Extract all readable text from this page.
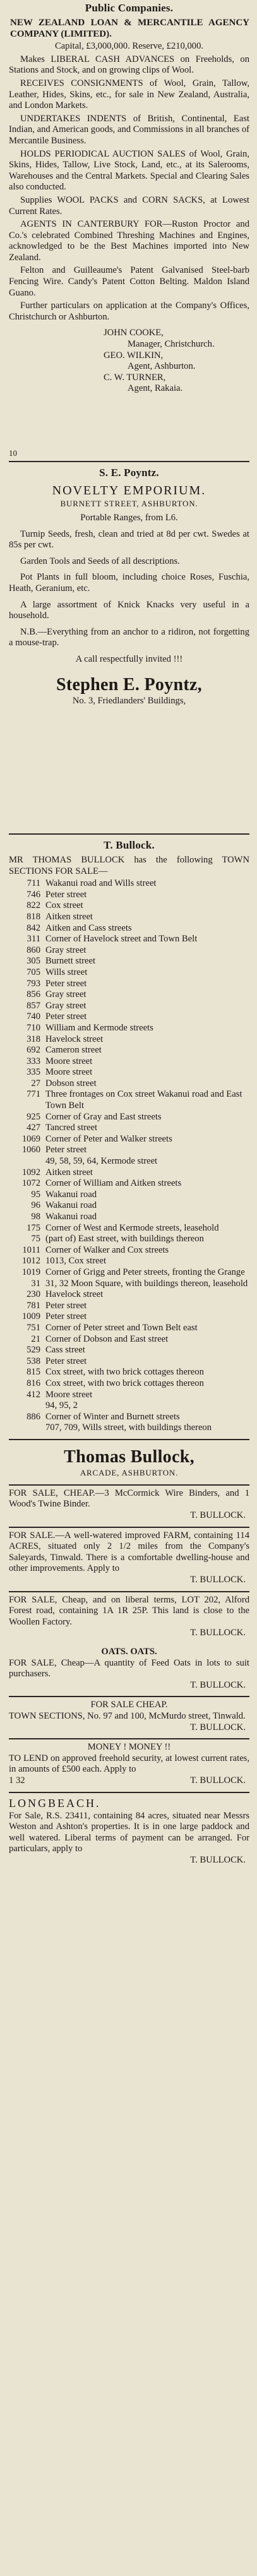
Public Companies.
NEW ZEALAND LOAN & MERCANTILE AGENCY COMPANY (LIMITED).
Capital, £3,000,000. Reserve, £210,000.
Makes LIBERAL CASH ADVANCES on Freeholds, on Stations and Stock, and on growing clips of Wool.
RECEIVES CONSIGNMENTS of Wool, Grain, Tallow, Leather, Hides, Skins, etc., for sale in New Zealand, Australia, and London Markets.
UNDERTAKES INDENTS of British, Continental, East Indian, and American goods, and Commissions in all branches of Mercantile Business.
HOLDS PERIODICAL AUCTION SALES of Wool, Grain, Skins, Hides, Tallow, Live Stock, Land, etc., at its Salerooms, Warehouses and the Central Markets. Special and Clearing Sales also conducted.
Supplies WOOL PACKS and CORN SACKS, at Lowest Current Rates.
AGENTS IN CANTERBURY FOR—Ruston Proctor and Co.'s celebrated Combined Threshing Machines and Engines, acknowledged to be the Best Machines imported into New Zealand.
Felton and Guilleaume's Patent Galvanised Steel-barb Fencing Wire. Candy's Patent Cotton Belting. Maldon Island Guano.
Further particulars on application at the Company's Offices, Christchurch or Ashburton.
JOHN COOKE,
Manager, Christchurch.
GEO. WILKIN,
Agent, Ashburton.
C. W. TURNER,
Agent, Rakaia.
10
S. E. Poyntz.
NOVELTY EMPORIUM.
BURNETT STREET, ASHBURTON.
Portable Ranges, from L6.
Turnip Seeds, fresh, clean and tried at 8d per cwt. Swedes at 85s per cwt.
Garden Tools and Seeds of all descriptions.
Pot Plants in full bloom, including choice Roses, Fuschia, Heath, Geranium, etc.
A large assortment of Knick Knacks very useful in a household.
N.B.—Everything from an anchor to a ridiron, not forgetting a mouse-trap.
A call respectfully invited !!!
Stephen E. Poyntz,
No. 3, Friedlanders' Buildings,
T. Bullock.
MR THOMAS BULLOCK has the following TOWN SECTIONS FOR SALE—
711 Wakanui road and Wills street
746 Peter street
822 Cox street
818 Aitken street
842 Aitken and Cass streets
311 Corner of Havelock street and Town Belt
860 Gray street
305 Burnett street
705 Wills street
793 Peter street
856 Gray street
857 Gray street
740 Peter street
710 William and Kermode streets
318 Havelock street
692 Cameron street
333 Moore street
335 Moore street
27 Dobson street
771 Three frontages on Cox street Wakanui road and East Town Belt
925 Corner of Gray and East streets
427 Tancred street
1069 Corner of Peter and Walker streets
1060 Peter street
49, 58, 59, 64, Kermode street
1092 Aitken street
1072 Corner of William and Aitken streets
95 Wakanui road
96 Wakanui road
98 Wakanui road
175 Corner of West and Kermode streets, leasehold
75 (part of) East street, with buildings thereon
1011 Corner of Walker and Cox streets
1012 1013, Cox street
1019 Corner of Grigg and Peter streets, fronting the Grange
31 31, 32 Moon Square, with buildings thereon, leasehold
230 Havelock street
781 Peter street
1009 Peter street
751 Corner of Peter street and Town Belt east
21 Corner of Dobson and East street
529 Cass street
538 Peter street
815 Cox street, with two brick cottages thereon
816 Cox street, with two brick cottages thereon
412 Moore street
94, 95, 2
886 Corner of Winter and Burnett streets
707, 709, Wills street, with buildings thereon
Thomas Bullock,
ARCADE, ASHBURTON.
FOR SALE, CHEAP.—3 McCormick Wire Binders, and 1 Wood's Twine Binder.
T. BULLOCK.
FOR SALE.—A well-watered improved FARM, containing 114 ACRES, situated only 2 1/2 miles from the Company's Saleyards, Tinwald. There is a comfortable dwelling-house and other improvements. Apply to
T. BULLOCK.
FOR SALE, Cheap, and on liberal terms, LOT 202, Alford Forest road, containing 1A 1R 25P. This land is close to the Woollen Factory.
T. BULLOCK.
OATS. OATS.
FOR SALE, Cheap—A quantity of Feed Oats in lots to suit purchasers.
T. BULLOCK.
FOR SALE CHEAP.
TOWN SECTIONS, No. 97 and 100, McMurdo street, Tinwald.
T. BULLOCK.
MONEY ! MONEY !!
TO LEND on approved freehold security, at lowest current rates, in amounts of £500 each. Apply to
1 32	T. BULLOCK.
LONGBEACH.
For Sale, R.S. 23411, containing 84 acres, situated near Messrs Weston and Ashton's properties. It is in one large paddock and well watered. Liberal terms of payment can be arranged. For particulars, apply to
T. BULLOCK.
